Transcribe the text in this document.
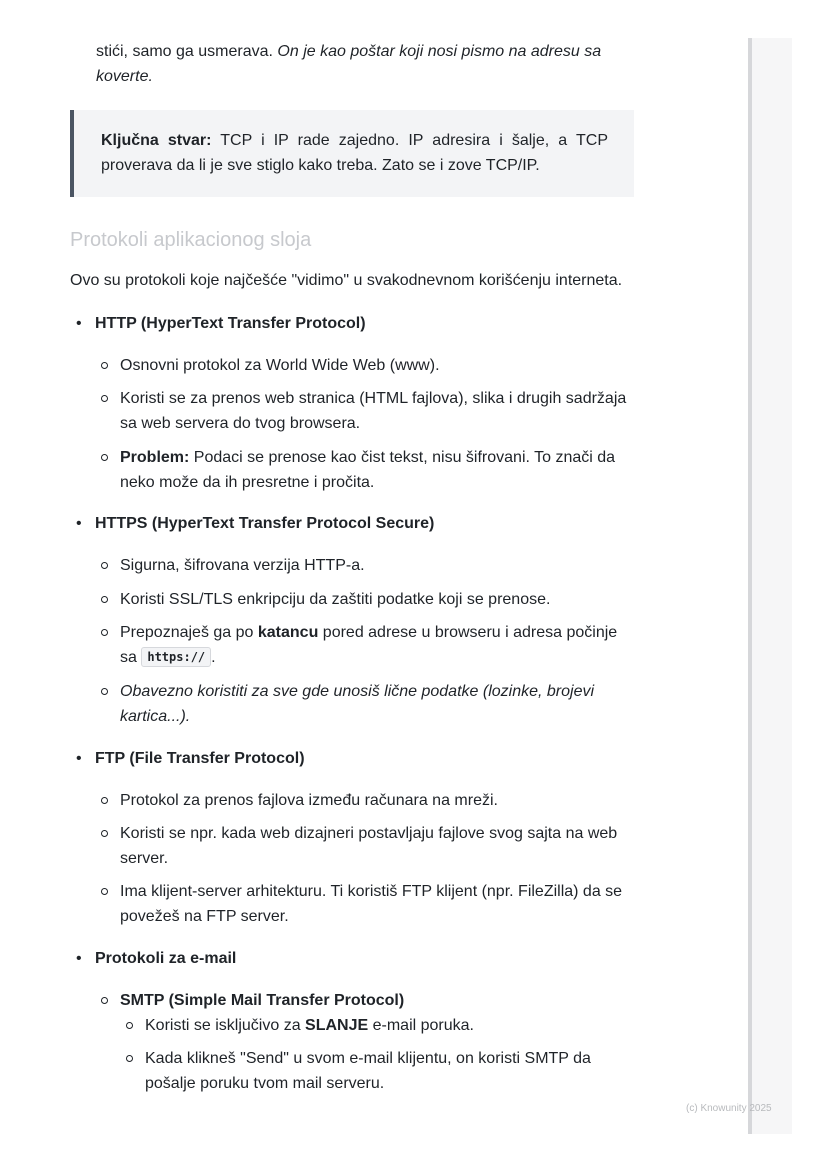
(c) Knowunity 2025

stići, samo ga usmerava. On je kao poštar koji nosi pismo na adresu sa koverte.

Ključna stvar: TCP i IP rade zajedno. IP adresira i šalje, a TCP proverava da li je sve stiglo kako treba. Zato se i zove TCP/IP.
Protokoli aplikacionog sloja

Ovo su protokoli koje najčešće "vidimo" u svakodnevnom korišćenju interneta.

• HTTP (HyperText Transfer Protocol)
Osnovni protokol za World Wide Web (www).
Koristi se za prenos web stranica (HTML fajlova), slika i drugih sadržaja sa web servera do tvog browsera.
Problem: Podaci se prenose kao čist tekst, nisu šifrovani. To znači da neko može da ih presretne i pročita.
• HTTPS (HyperText Transfer Protocol Secure)
Sigurna, šifrovana verzija HTTP-a.
Koristi SSL/TLS enkripciju da zaštiti podatke koji se prenose.
Prepoznaješ ga po katancu pored adrese u browseru i adresa počinje sa https:// .
Obavezno koristiti za sve gde unosiš lične podatke (lozinke, brojevi kartica...).
• FTP (File Transfer Protocol)
Protokol za prenos fajlova između računara na mreži.
Koristi se npr. kada web dizajneri postavljaju fajlove svog sajta na web server.
Ima klijent-server arhitekturu. Ti koristiš FTP klijent (npr. FileZilla) da se povežeš na FTP server.
• Protokoli za e-mail
SMTP (Simple Mail Transfer Protocol)
Koristi se isključivo za SLANJE e-mail poruka.
Kada klikneš "Send" u svom e-mail klijentu, on koristi SMTP da pošalje poruku tvom mail serveru.
